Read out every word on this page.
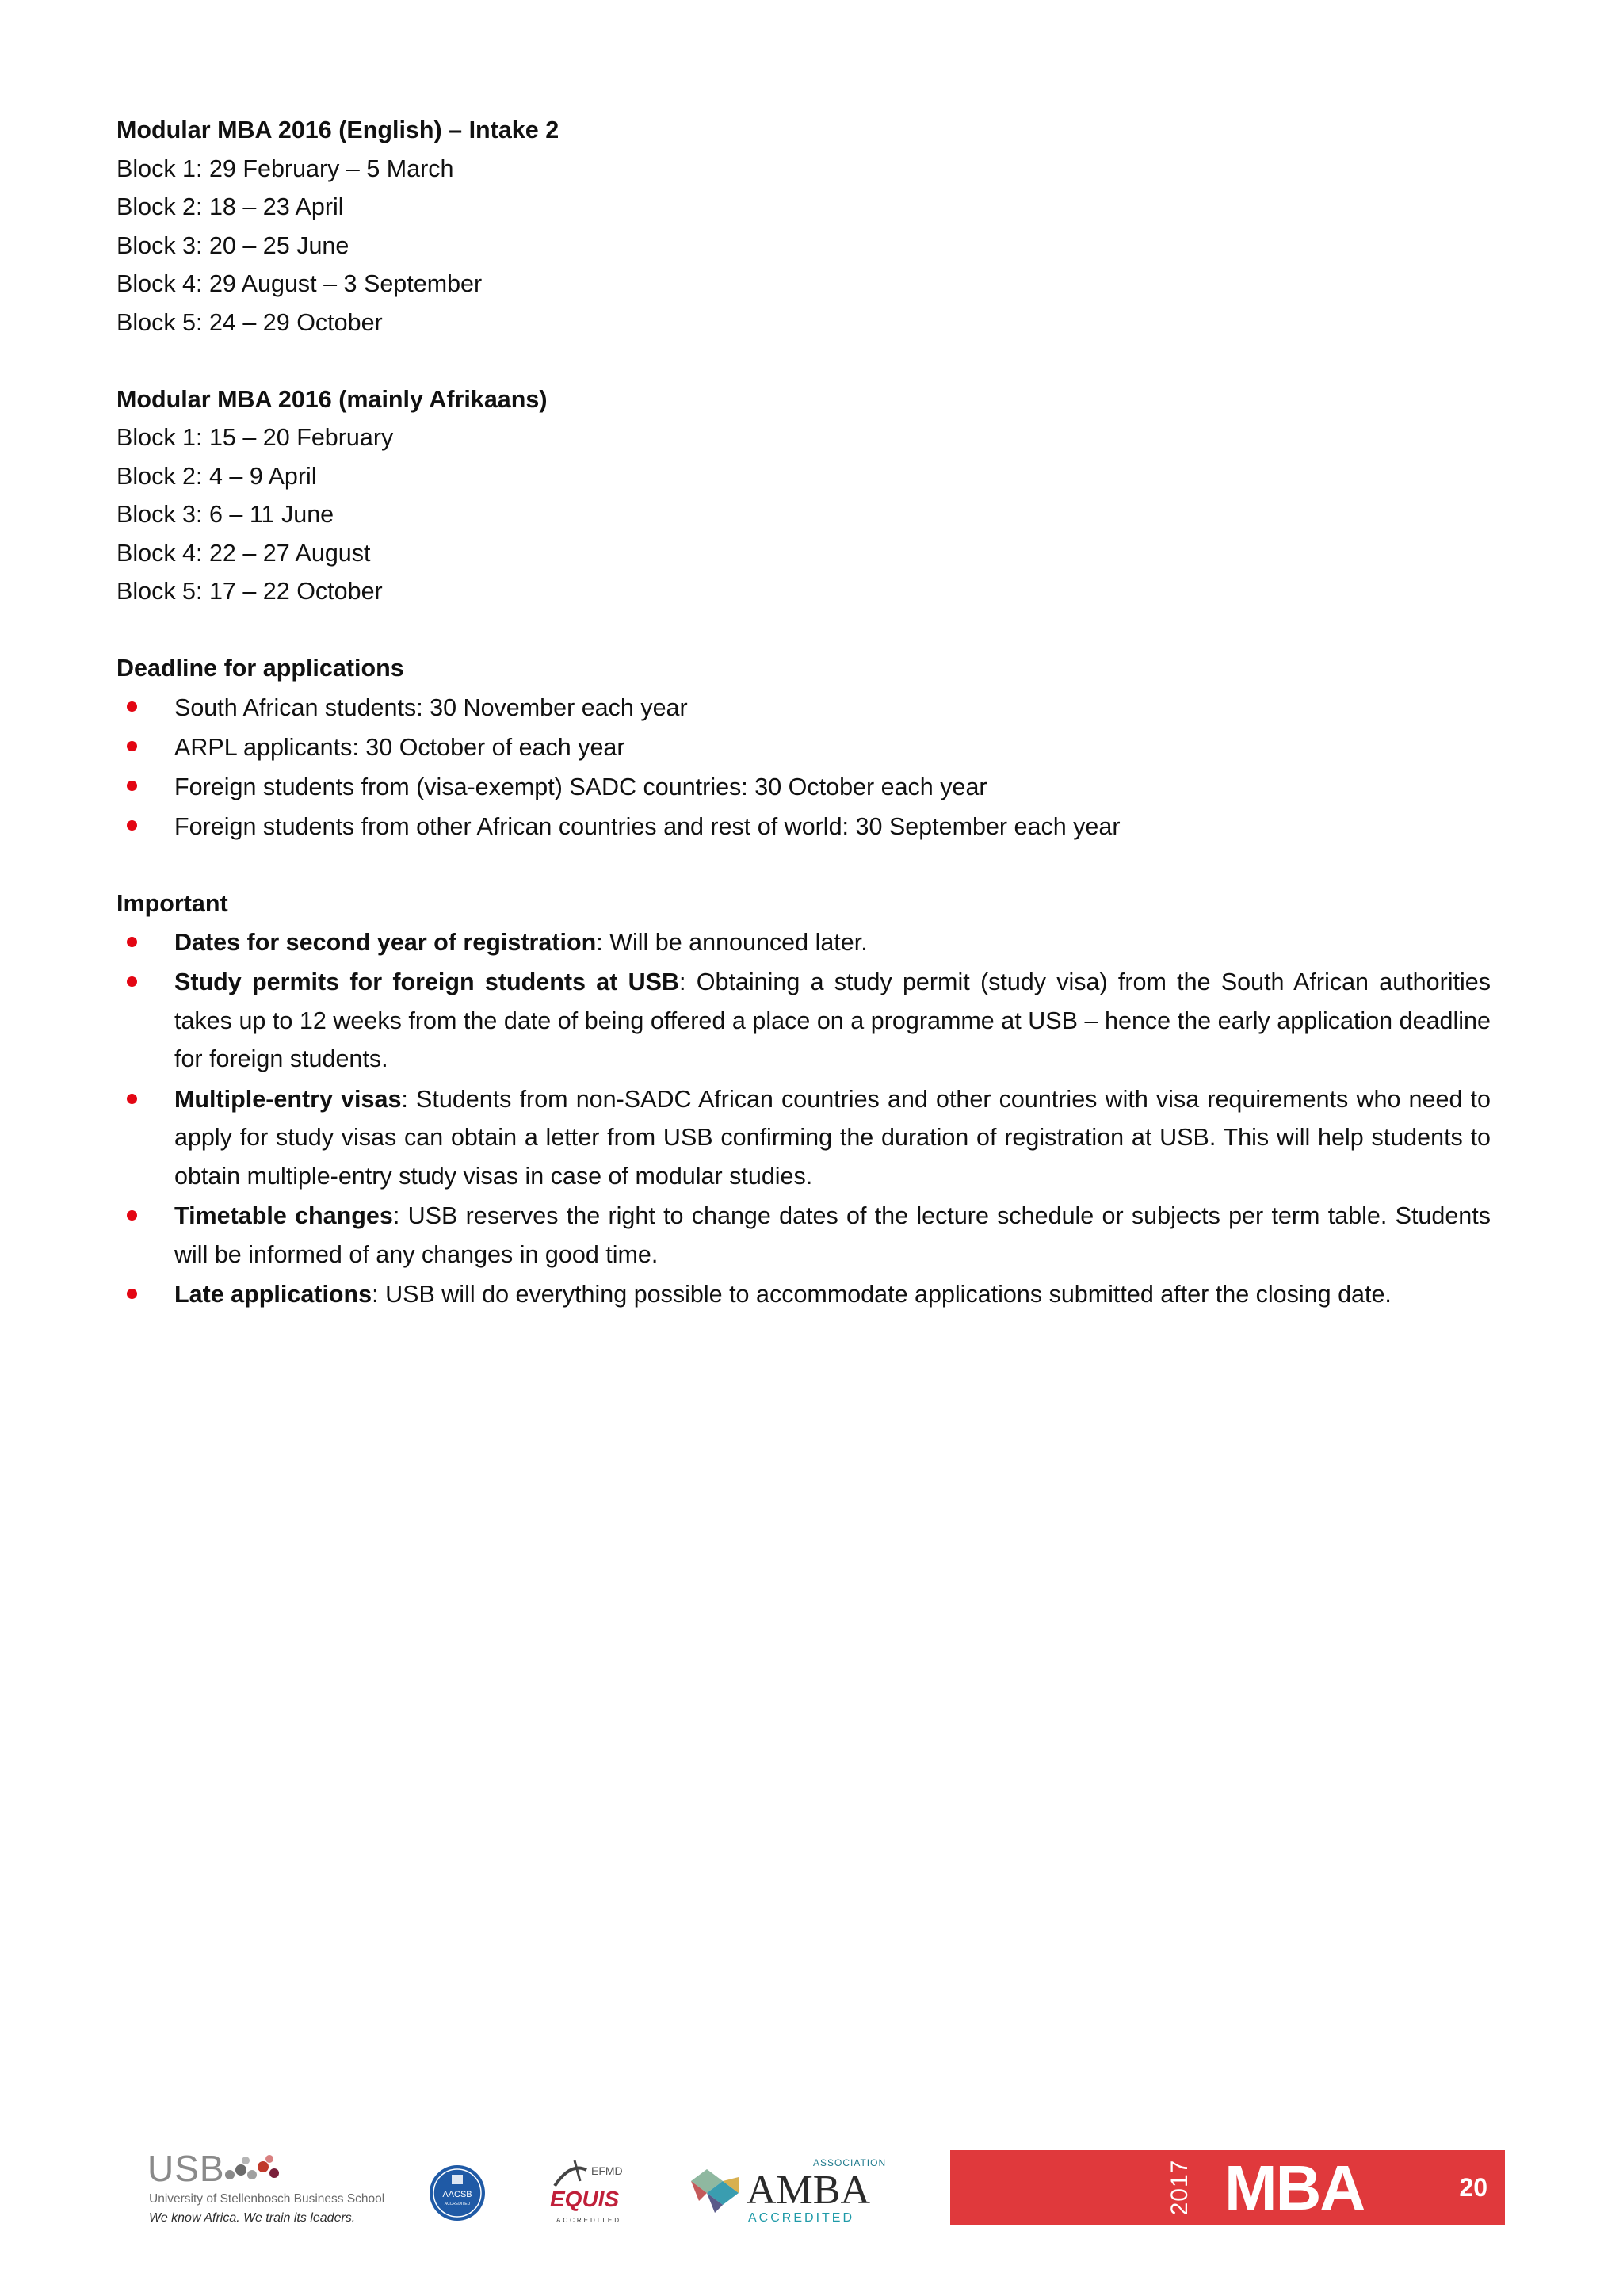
Modular MBA 2016 (English) – Intake 2

Block 1: 29 February – 5 March

Block 2: 18 – 23 April

Block 3: 20 – 25 June

Block 4: 29 August – 3 September

Block 5: 24 – 29 October

Modular MBA 2016 (mainly Afrikaans)

Block 1: 15 – 20 February

Block 2: 4 – 9 April

Block 3: 6 – 11 June

Block 4: 22 – 27 August

Block 5: 17 – 22 October

Deadline for applications

South African students: 30 November each year
ARPL applicants: 30 October of each year
Foreign students from (visa-exempt) SADC countries: 30 October each year
Foreign students from other African countries and rest of world: 30 September each year

Important

Dates for second year of registration: Will be announced later.
Study permits for foreign students at USB: Obtaining a study permit (study visa) from the South African authorities takes up to 12 weeks from the date of being offered a place on a programme at USB – hence the early application deadline for foreign students.
Multiple-entry visas: Students from non-SADC African countries and other countries with visa requirements who need to apply for study visas can obtain a letter from USB confirming the duration of registration at USB. This will help students to obtain multiple-entry study visas in case of modular studies.
Timetable changes: USB reserves the right to change dates of the lecture schedule or subjects per term table. Students will be informed of any changes in good time.
Late applications: USB will do everything possible to accommodate applications submitted after the closing date.
USB
University of Stellenbosch Business School
We know Africa. We train its leaders.
AACSB
ACCREDITED
EFMD
EQUIS
ACCREDITED
ASSOCIATION
AMBA
ACCREDITED
2017 MBA	20
